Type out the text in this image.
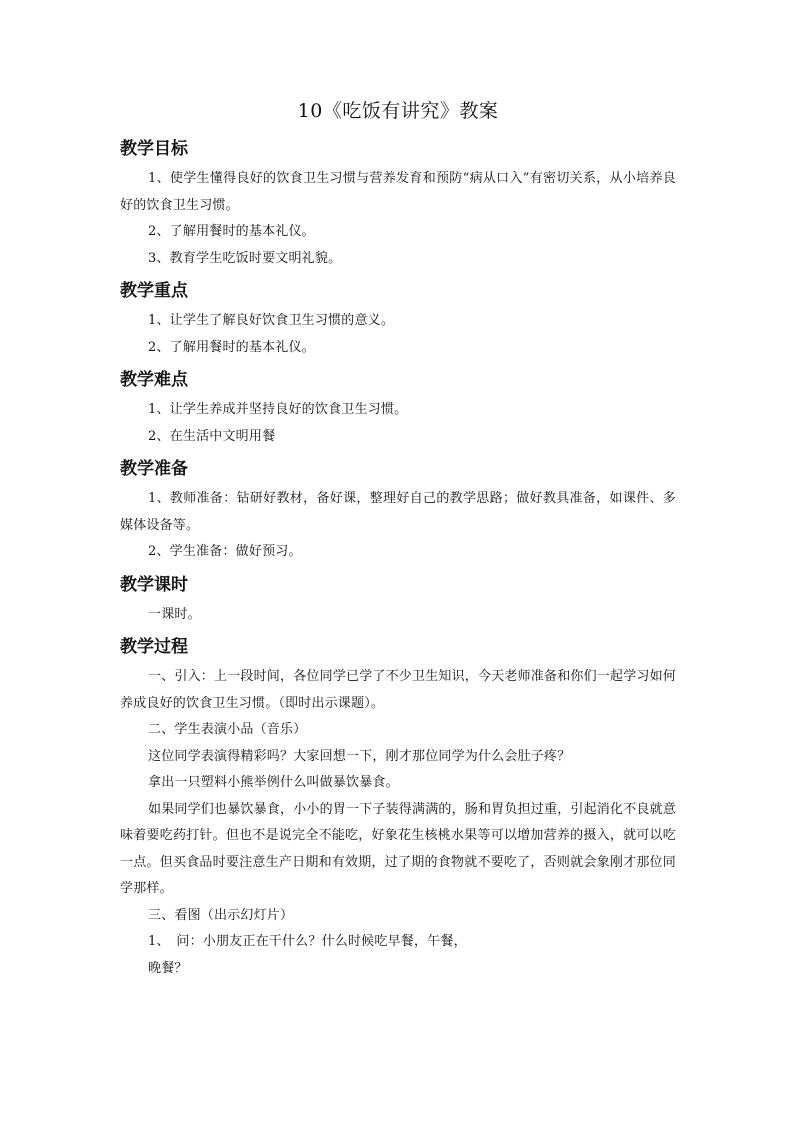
10《吃饭有讲究》教案
教学目标

1、使学生懂得良好的饮食卫生习惯与营养发育和预防“病从口入”有密切关系，从小培养良好的饮食卫生习惯。

2、了解用餐时的基本礼仪。

3、教育学生吃饭时要文明礼貌。

教学重点

1、让学生了解良好饮食卫生习惯的意义。

2、了解用餐时的基本礼仪。

教学难点

1、让学生养成并坚持良好的饮食卫生习惯。

2、在生活中文明用餐

教学准备

1、教师准备：钻研好教材，备好课，整理好自己的教学思路；做好教具准备，如课件、多媒体设备等。

2、学生准备：做好预习。

教学课时

一课时。

教学过程

一、引入：上一段时间，各位同学已学了不少卫生知识，今天老师准备和你们一起学习如何养成良好的饮食卫生习惯。（即时出示课题）。

二、学生表演小品（音乐）

这位同学表演得精彩吗？大家回想一下，刚才那位同学为什么会肚子疼？

拿出一只塑料小熊举例什么叫做暴饮暴食。

如果同学们也暴饮暴食，小小的胃一下子装得满满的，肠和胃负担过重，引起消化不良就意味着要吃药打针。但也不是说完全不能吃，好象花生核桃水果等可以增加营养的摄入，就可以吃一点。但买食品时要注意生产日期和有效期，过了期的食物就不要吃了，否则就会象刚才那位同学那样。

三、看图（出示幻灯片）

1、　问：小朋友正在干什么？什么时候吃早餐，午餐，

晚餐？
